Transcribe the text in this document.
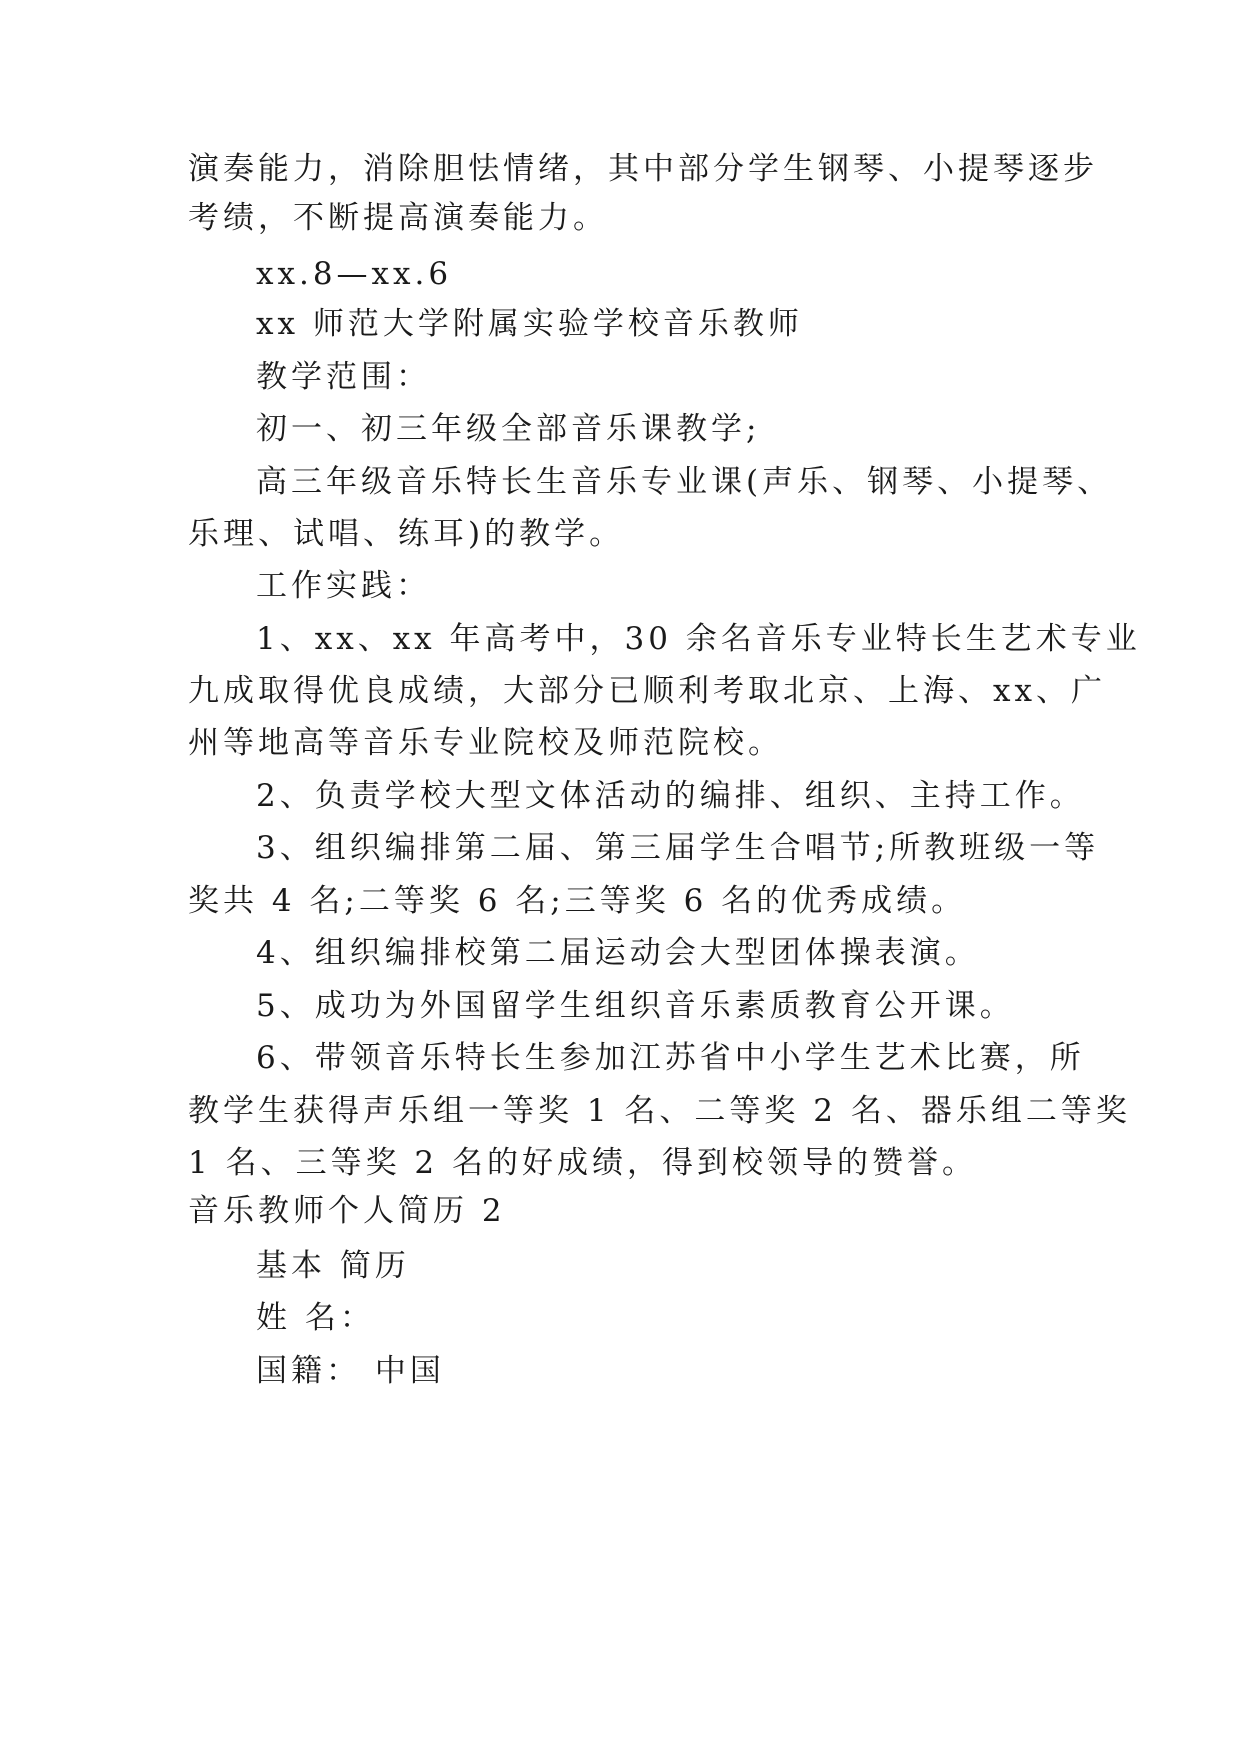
演奏能力，消除胆怯情绪，其中部分学生钢琴、小提琴逐步
考绩，不断提高演奏能力。
xx.8—xx.6
xx 师范大学附属实验学校音乐教师
教学范围：
初一、初三年级全部音乐课教学;
高三年级音乐特长生音乐专业课(声乐、钢琴、小提琴、
乐理、试唱、练耳)的教学。
工作实践：
1、xx、xx 年高考中，30 余名音乐专业特长生艺术专业
九成取得优良成绩，大部分已顺利考取北京、上海、xx、广
州等地高等音乐专业院校及师范院校。
2、负责学校大型文体活动的编排、组织、主持工作。
3、组织编排第二届、第三届学生合唱节;所教班级一等
奖共 4 名;二等奖 6 名;三等奖 6 名的优秀成绩。
4、组织编排校第二届运动会大型团体操表演。
5、成功为外国留学生组织音乐素质教育公开课。
6、带领音乐特长生参加江苏省中小学生艺术比赛，所
教学生获得声乐组一等奖 1 名、二等奖 2 名、器乐组二等奖
1 名、三等奖 2 名的好成绩，得到校领导的赞誉。
音乐教师个人简历 2
基本 简历
姓 名：
国籍： 中国
